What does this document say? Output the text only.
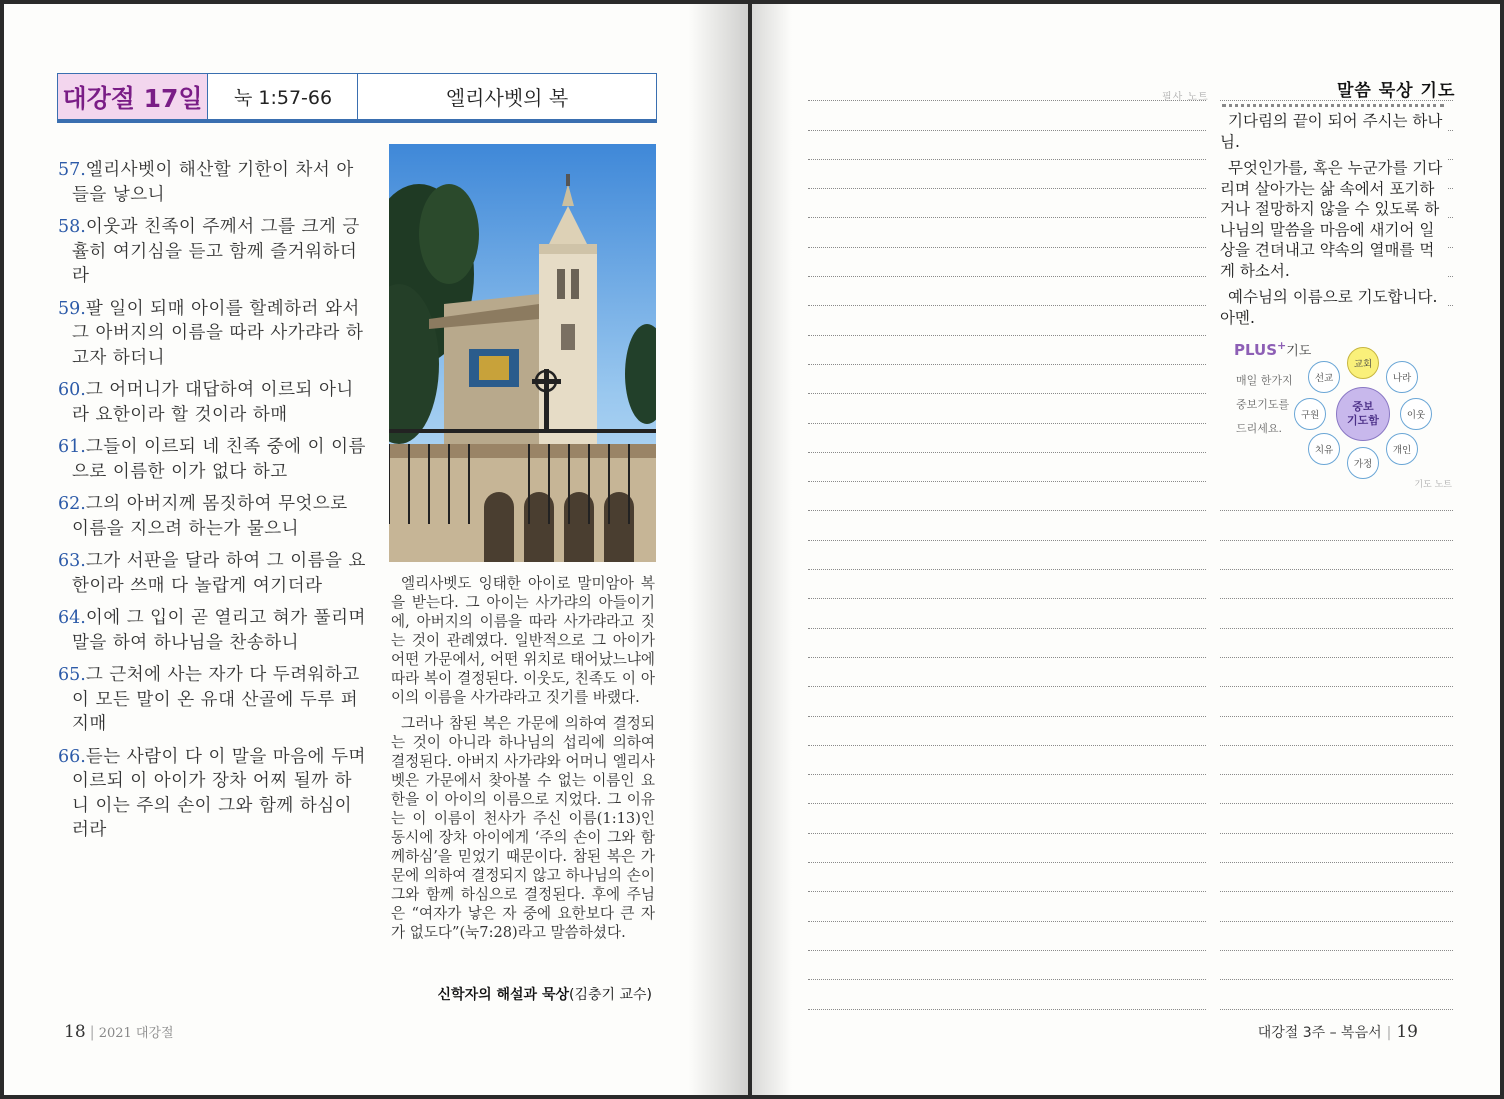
대강절 17일	눅 1:57-66	엘리사벳의 복

57.엘리사벳이 해산할 기한이 차서 아들을 낳으니

58.이웃과 친족이 주께서 그를 크게 긍휼히 여기심을 듣고 함께 즐거워하더라

59.팔 일이 되매 아이를 할례하러 와서 그 아버지의 이름을 따라 사가랴라 하고자 하더니

60.그 어머니가 대답하여 이르되 아니라 요한이라 할 것이라 하매

61.그들이 이르되 네 친족 중에 이 이름으로 이름한 이가 없다 하고

62.그의 아버지께 몸짓하여 무엇으로 이름을 지으려 하는가 물으니

63.그가 서판을 달라 하여 그 이름을 요한이라 쓰매 다 놀랍게 여기더라

64.이에 그 입이 곧 열리고 혀가 풀리며 말을 하여 하나님을 찬송하니

65.그 근처에 사는 자가 다 두려워하고 이 모든 말이 온 유대 산골에 두루 퍼지매

66.듣는 사람이 다 이 말을 마음에 두며 이르되 이 아이가 장차 어찌 될까 하니 이는 주의 손이 그와 함께 하심이러라

엘리사벳도 잉태한 아이로 말미암아 복을 받는다. 그 아이는 사가랴의 아들이기에, 아버지의 이름을 따라 사가랴라고 짓는 것이 관례였다. 일반적으로 그 아이가 어떤 가문에서, 어떤 위치로 태어났느냐에 따라 복이 결정된다. 이웃도, 친족도 이 아이의 이름을 사가랴라고 짓기를 바랬다.

그러나 참된 복은 가문에 의하여 결정되는 것이 아니라 하나님의 섭리에 의하여 결정된다. 아버지 사가랴와 어머니 엘리사벳은 가문에서 찾아볼 수 없는 이름인 요한을 이 아이의 이름으로 지었다. 그 이유는 이 이름이 천사가 주신 이름(1:13)인 동시에 장차 아이에게 ‘주의 손이 그와 함께하심’을 믿었기 때문이다. 참된 복은 가문에 의하여 결정되지 않고 하나님의 손이 그와 함께 하심으로 결정된다. 후에 주님은 “여자가 낳은 자 중에 요한보다 큰 자가 없도다”(눅7:28)라고 말씀하셨다.

신학자의 해설과 묵상(김충기 교수)
18 | 2021 대강절
필사 노트	말씀 묵상 기도

기다림의 끝이 되어 주시는 하나님.

무엇인가를, 혹은 누군가를 기다리며 살아가는 삶 속에서 포기하거나 절망하지 않을 수 있도록 하나님의 말씀을 마음에 새기어 일상을 견뎌내고 약속의 열매를 먹게 하소서.

예수님의 이름으로 기도합니다. 아멘.

PLUS+기도
매일 한가지
중보기도를
드리세요.
중보
기도함
교회
나라
이웃
개인
가정
치유
구원
선교
기도 노트
대강절 3주 – 복음서 | 19
